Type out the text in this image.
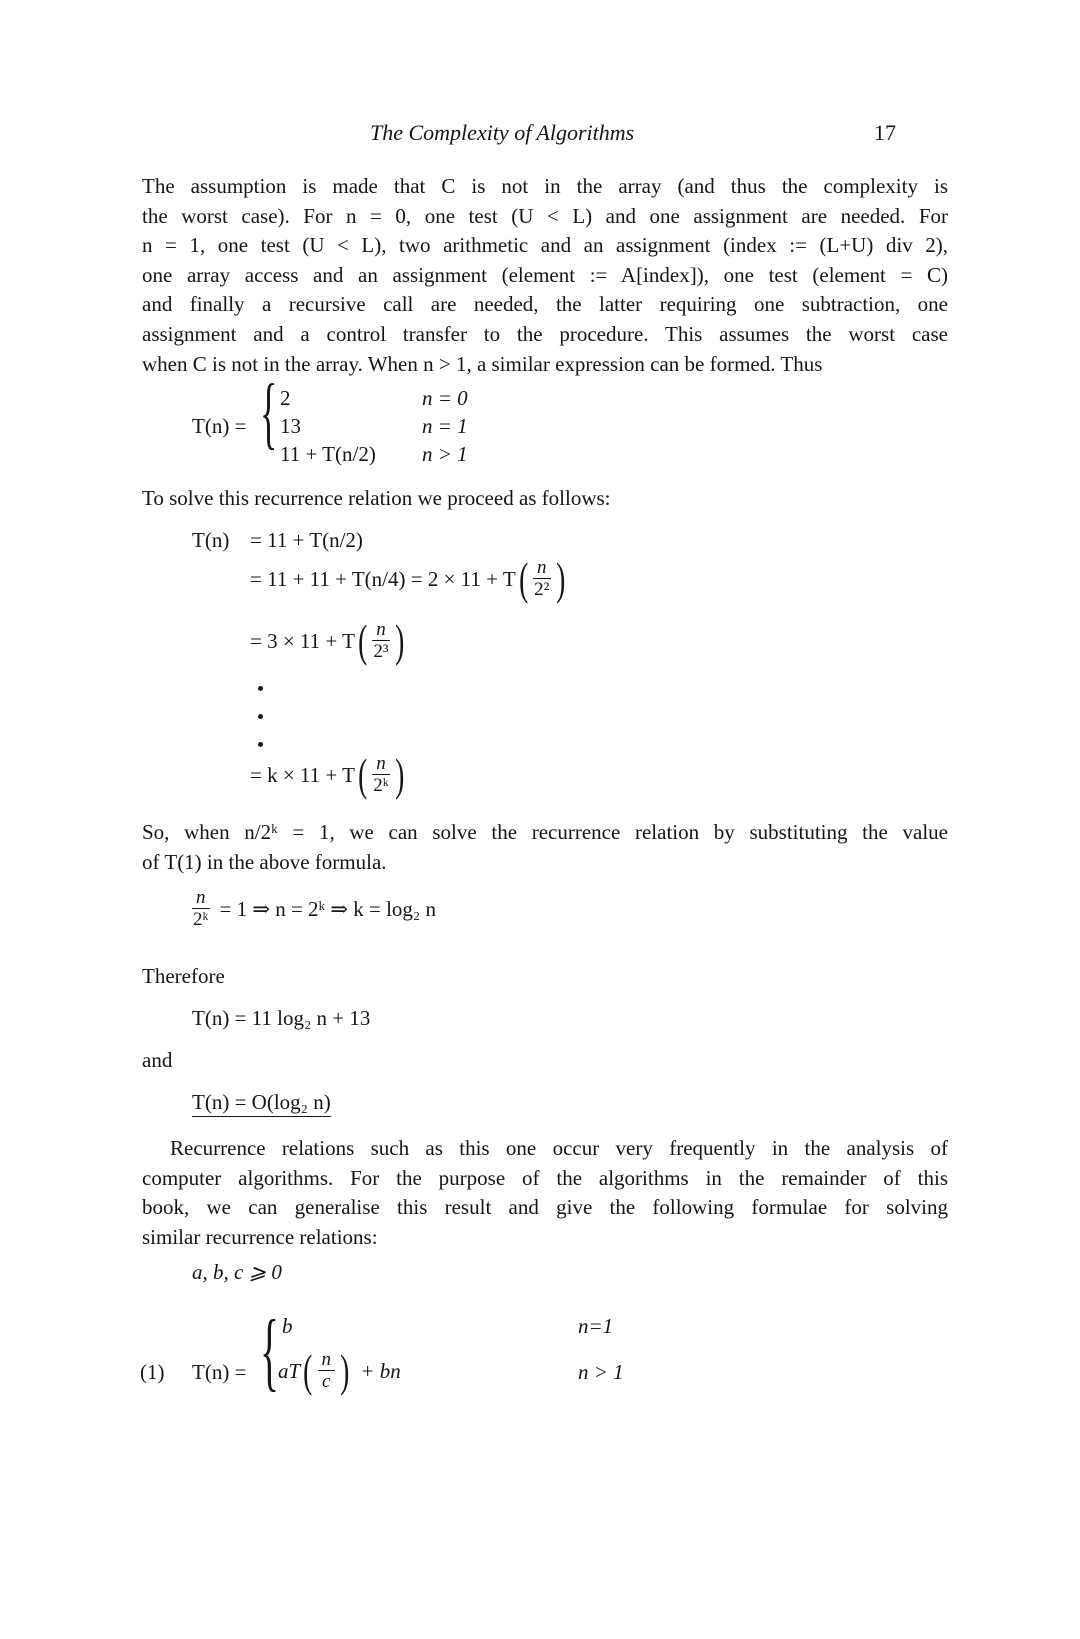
The Complexity of Algorithms	17
The assumption is made that C is not in the array (and thus the complexity is
the worst case). For n = 0, one test (U < L) and one assignment are needed. For
n = 1, one test (U < L), two arithmetic and an assignment (index := (L+U) div 2),
one array access and an assignment (element := A[index]), one test (element = C)
and finally a recursive call are needed, the latter requiring one subtraction, one
assignment and a control transfer to the procedure. This assumes the worst case
when C is not in the array. When n > 1, a similar expression can be formed. Thus
T(n) = { 2	n = 0
13	n = 1
11 + T(n/2) n > 1
To solve this recurrence relation we proceed as follows:
T(n) = 11 + T(n/2)
= 11 + 11 + T(n/4) = 2 × 11 + T ( $\frac{n}{\text{2²}}$ )
= 3 × 11 + T ( $\frac{n}{\text{2³}}$ )
= k × 11 + T ( $\frac{n}{\text{2ᵏ}}$ )
So, when n/2ᵏ = 1, we can solve the recurrence relation by substituting the value
of T(1) in the above formula.
$\frac{n}{\text{2ᵏ}} = 1$ ⇒ n = 2ᵏ ⇒ k = log₂ n
Therefore
T(n) = 11 log₂ n + 13
and
T(n) = O(log₂ n)
Recurrence relations such as this one occur very frequently in the analysis of
computer algorithms. For the purpose of the algorithms in the remainder of this
book, we can generalise this result and give the following formulae for solving
similar recurrence relations:
a, b, c ⩾ 0
(1) T(n) = { b	n=1
aT ( $\frac{n}{c}$ ) + bn	n > 1
